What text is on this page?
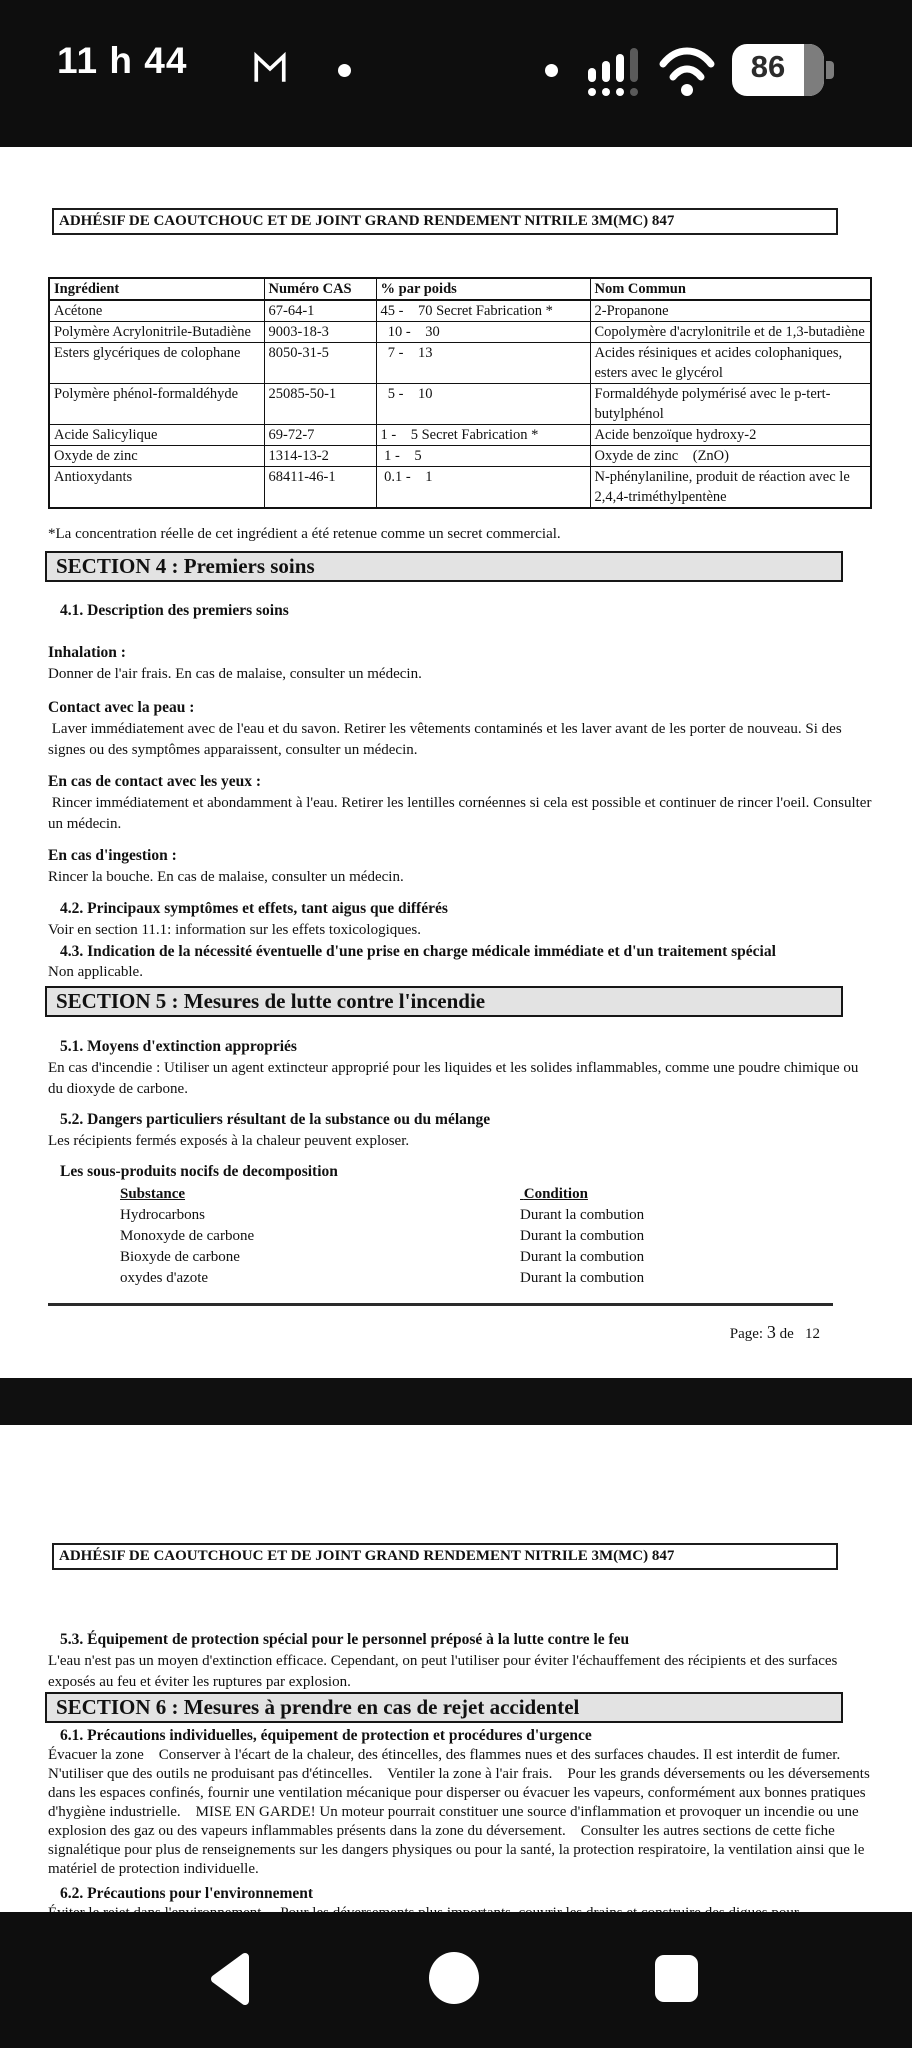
11 h 44	86
ADHÉSIF DE CAOUTCHOUC ET DE JOINT GRAND RENDEMENT NITRILE 3M(MC) 847
Ingrédient	Numéro CAS	% par poids	Nom Commun
Acétone	67-64-1	45 -    70 Secret Fabrication *	2-Propanone
Polymère Acrylonitrile-Butadiène	9003-18-3	10 -    30	Copolymère d'acrylonitrile et de 1,3-butadiène
Esters glycériques de colophane	8050-31-5	7 -    13	Acides résiniques et acides colophaniques, esters avec le glycérol
Polymère phénol-formaldéhyde	25085-50-1	5 -    10	Formaldéhyde polymérisé avec le p-tert-butylphénol
Acide Salicylique	69-72-7	1 -    5 Secret Fabrication *	Acide benzoïque hydroxy-2
Oxyde de zinc	1314-13-2	1 -    5	Oxyde de zinc    (ZnO)
Antioxydants	68411-46-1	0.1 -    1	N-phénylaniline, produit de réaction avec le 2,4,4-triméthylpentène
*La concentration réelle de cet ingrédient a été retenue comme un secret commercial.
SECTION 4 : Premiers soins
4.1. Description des premiers soins
Inhalation :
Donner de l'air frais. En cas de malaise, consulter un médecin.
Contact avec la peau :
Laver immédiatement avec de l'eau et du savon. Retirer les vêtements contaminés et les laver avant de les porter de nouveau. Si des signes ou des symptômes apparaissent, consulter un médecin.
En cas de contact avec les yeux :
Rincer immédiatement et abondamment à l'eau. Retirer les lentilles cornéennes si cela est possible et continuer de rincer l'oeil. Consulter un médecin.
En cas d'ingestion :
Rincer la bouche. En cas de malaise, consulter un médecin.
4.2. Principaux symptômes et effets, tant aigus que différés
Voir en section 11.1: information sur les effets toxicologiques.
4.3. Indication de la nécessité éventuelle d'une prise en charge médicale immédiate et d'un traitement spécial
Non applicable.
SECTION 5 : Mesures de lutte contre l'incendie
5.1. Moyens d'extinction appropriés
En cas d'incendie : Utiliser un agent extincteur approprié pour les liquides et les solides inflammables, comme une poudre chimique ou du dioxyde de carbone.
5.2. Dangers particuliers résultant de la substance ou du mélange
Les récipients fermés exposés à la chaleur peuvent exploser.
Les sous-produits nocifs de decomposition
Substance	Condition
Hydrocarbons	Durant la combution
Monoxyde de carbone	Durant la combution
Bioxyde de carbone	Durant la combution
oxydes d'azote	Durant la combution
Page: 3 de 12
ADHÉSIF DE CAOUTCHOUC ET DE JOINT GRAND RENDEMENT NITRILE 3M(MC) 847
5.3. Équipement de protection spécial pour le personnel préposé à la lutte contre le feu
L'eau n'est pas un moyen d'extinction efficace. Cependant, on peut l'utiliser pour éviter l'échauffement des récipients et des surfaces exposés au feu et éviter les ruptures par explosion.
SECTION 6 : Mesures à prendre en cas de rejet accidentel
6.1. Précautions individuelles, équipement de protection et procédures d'urgence
Évacuer la zone    Conserver à l'écart de la chaleur, des étincelles, des flammes nues et des surfaces chaudes. Il est interdit de fumer.    N'utiliser que des outils ne produisant pas d'étincelles.    Ventiler la zone à l'air frais.    Pour les grands déversements ou les déversements dans les espaces confinés, fournir une ventilation mécanique pour disperser ou évacuer les vapeurs, conformément aux bonnes pratiques d'hygiène industrielle.    MISE EN GARDE! Un moteur pourrait constituer une source d'inflammation et provoquer un incendie ou une explosion des gaz ou des vapeurs inflammables présents dans la zone du déversement.    Consulter les autres sections de cette fiche signalétique pour plus de renseignements sur les dangers physiques ou pour la santé, la protection respiratoire, la ventilation ainsi que le matériel de protection individuelle.
6.2. Précautions pour l'environnement
